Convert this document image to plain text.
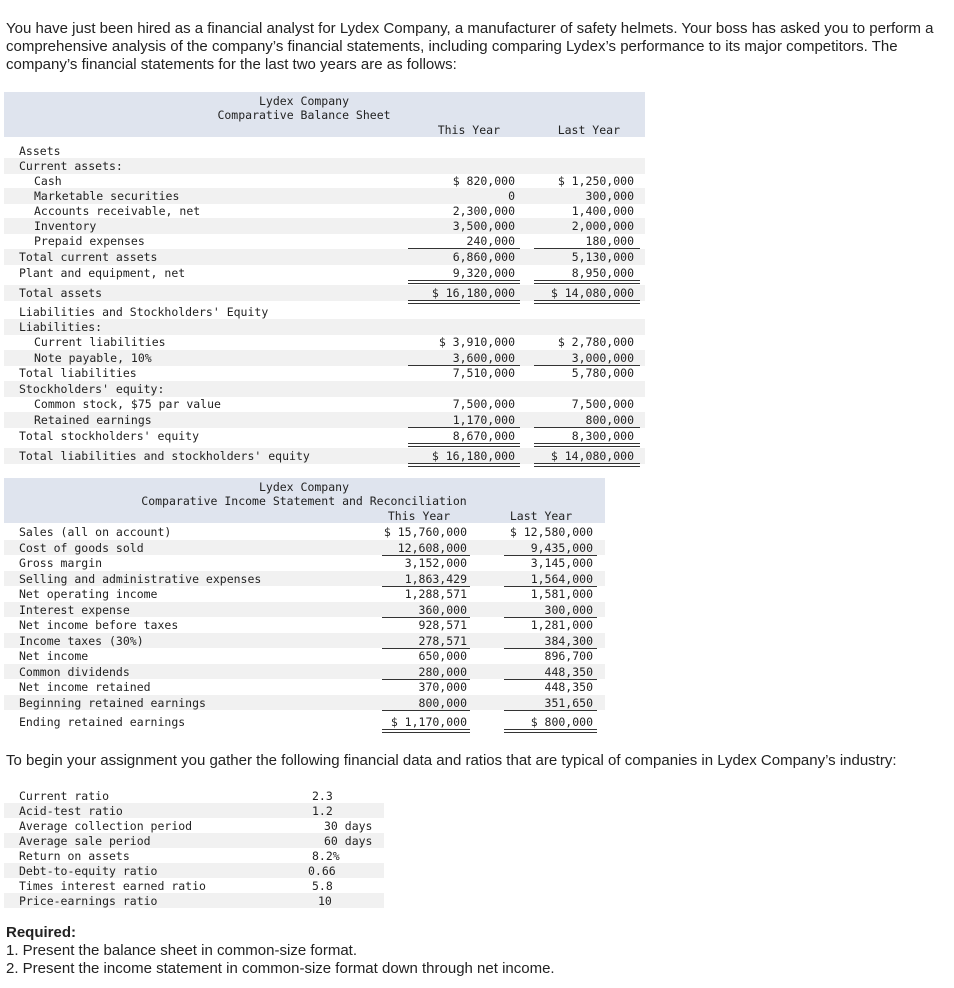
You have just been hired as a financial analyst for Lydex Company, a manufacturer of safety helmets. Your boss has asked you to perform a comprehensive analysis of the company’s financial statements, including comparing Lydex’s performance to its major competitors. The company’s financial statements for the last two years are as follows:
Lydex Company
Comparative Balance Sheet
This Year	Last Year
Assets
Current assets:
Cash	$ 820,000	$ 1,250,000
Marketable securities	0	300,000
Accounts receivable, net	2,300,000	1,400,000
Inventory	3,500,000	2,000,000
Prepaid expenses	240,000	180,000
Total current assets	6,860,000	5,130,000
Plant and equipment, net	9,320,000	8,950,000
Total assets	$ 16,180,000	$ 14,080,000
Liabilities and Stockholders' Equity
Liabilities:
Current liabilities	$ 3,910,000	$ 2,780,000
Note payable, 10%	3,600,000	3,000,000
Total liabilities	7,510,000	5,780,000
Stockholders' equity:
Common stock, $75 par value	7,500,000	7,500,000
Retained earnings	1,170,000	800,000
Total stockholders' equity	8,670,000	8,300,000
Total liabilities and stockholders' equity	$ 16,180,000	$ 14,080,000
Lydex Company
Comparative Income Statement and Reconciliation
This Year	Last Year
Sales (all on account)	$ 15,760,000	$ 12,580,000
Cost of goods sold	12,608,000	9,435,000
Gross margin	3,152,000	3,145,000
Selling and administrative expenses	1,863,429	1,564,000
Net operating income	1,288,571	1,581,000
Interest expense	360,000	300,000
Net income before taxes	928,571	1,281,000
Income taxes (30%)	278,571	384,300
Net income	650,000	896,700
Common dividends	280,000	448,350
Net income retained	370,000	448,350
Beginning retained earnings	800,000	351,650
Ending retained earnings	$ 1,170,000	$ 800,000
To begin your assignment you gather the following financial data and ratios that are typical of companies in Lydex Company’s industry:
Current ratio	2.3
Acid-test ratio	1.2
Average collection period	30 days
Average sale period	60 days
Return on assets	8.2%
Debt-to-equity ratio	0.66
Times interest earned ratio	5.8
Price-earnings ratio	10
Required:
1. Present the balance sheet in common-size format.
2. Present the income statement in common-size format down through net income.
